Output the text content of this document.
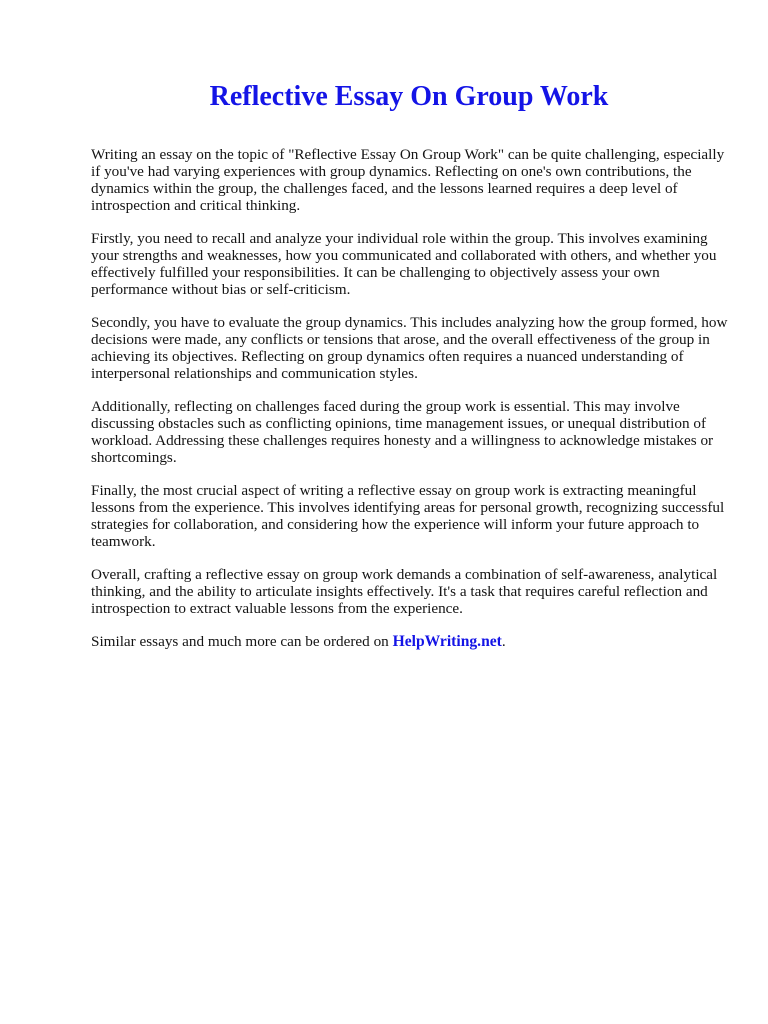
Reflective Essay On Group Work

Writing an essay on the topic of "Reflective Essay On Group Work" can be quite challenging, especially if you've had varying experiences with group dynamics. Reflecting on one's own contributions, the dynamics within the group, the challenges faced, and the lessons learned requires a deep level of introspection and critical thinking.

Firstly, you need to recall and analyze your individual role within the group. This involves examining your strengths and weaknesses, how you communicated and collaborated with others, and whether you effectively fulfilled your responsibilities. It can be challenging to objectively assess your own performance without bias or self-criticism.

Secondly, you have to evaluate the group dynamics. This includes analyzing how the group formed, how decisions were made, any conflicts or tensions that arose, and the overall effectiveness of the group in achieving its objectives. Reflecting on group dynamics often requires a nuanced understanding of interpersonal relationships and communication styles.

Additionally, reflecting on challenges faced during the group work is essential. This may involve discussing obstacles such as conflicting opinions, time management issues, or unequal distribution of workload. Addressing these challenges requires honesty and a willingness to acknowledge mistakes or shortcomings.

Finally, the most crucial aspect of writing a reflective essay on group work is extracting meaningful lessons from the experience. This involves identifying areas for personal growth, recognizing successful strategies for collaboration, and considering how the experience will inform your future approach to teamwork.

Overall, crafting a reflective essay on group work demands a combination of self-awareness, analytical thinking, and the ability to articulate insights effectively. It's a task that requires careful reflection and introspection to extract valuable lessons from the experience.

Similar essays and much more can be ordered on HelpWriting.net.
